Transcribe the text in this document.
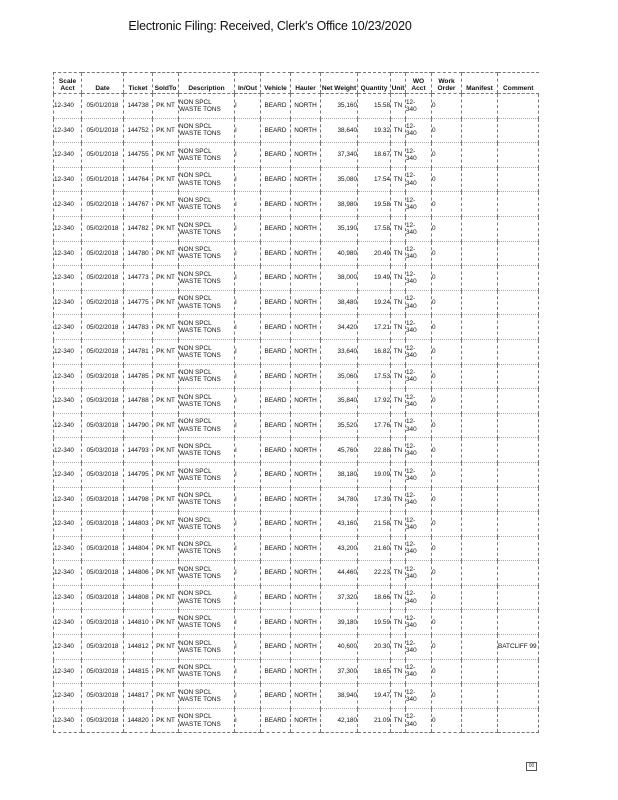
Electronic Filing: Received, Clerk's Office 10/23/2020
Scale Acct	Date	Ticket	SoldTo	Description	In/Out	Vehicle	Hauler	Net Weight	Quantity	Unit	WO Acct	Work Order	Manifest	Comment
12-340	05/01/2018	144738	PK NT	NON SPCL
WASTE TONS	I	BEARD	NORTH	35,160	15.58	TN	12-
340	0		
12-340	05/01/2018	144752	PK NT	NON SPCL
WASTE TONS	I	BEARD	NORTH	38,640	19.32	TN	12-
340	0		
12-340	05/01/2018	144755	PK NT	NON SPCL
WASTE TONS	I	BEARD	NORTH	37,340	18.67	TN	12-
340	0		
12-340	05/01/2018	144764	PK NT	NON SPCL
WASTE TONS	I	BEARD	NORTH	35,080	17.54	TN	12-
340	0		
12-340	05/02/2018	144767	PK NT	NON SPCL
WASTE TONS	I	BEARD	NORTH	38,980	19.58	TN	12-
340	0		
12-340	05/02/2018	144782	PK NT	NON SPCL
WASTE TONS	I	BEARD	NORTH	35,190	17.58	TN	12-
340	0		
12-340	05/02/2018	144780	PK NT	NON SPCL
WASTE TONS	I	BEARD	NORTH	40,980	20.49	TN	12-
340	0		
12-340	05/02/2018	144773	PK NT	NON SPCL
WASTE TONS	I	BEARD	NORTH	38,000	19.49	TN	12-
340	0		
12-340	05/02/2018	144775	PK NT	NON SPCL
WASTE TONS	I	BEARD	NORTH	38,480	19.24	TN	12-
340	0		
12-340	05/02/2018	144783	PK NT	NON SPCL
WASTE TONS	I	BEARD	NORTH	34,420	17.21	TN	12-
340	0		
12-340	05/02/2018	144781	PK NT	NON SPCL
WASTE TONS	I	BEARD	NORTH	33,640	16.82	TN	12-
340	0		
12-340	05/03/2018	144785	PK NT	NON SPCL
WASTE TONS	I	BEARD	NORTH	35,060	17.53	TN	12-
340	0		
12-340	05/03/2018	144788	PK NT	NON SPCL
WASTE TONS	I	BEARD	NORTH	35,840	17.92	TN	12-
340	0		
12-340	05/03/2018	144790	PK NT	NON SPCL
WASTE TONS	I	BEARD	NORTH	35,520	17.76	TN	12-
340	0		
12-340	05/03/2018	144793	PK NT	NON SPCL
WASTE TONS	I	BEARD	NORTH	45,760	22.88	TN	12-
340	0		
12-340	05/03/2018	144795	PK NT	NON SPCL
WASTE TONS	I	BEARD	NORTH	38,180	19.09	TN	12-
340	0		
12-340	05/03/2018	144798	PK NT	NON SPCL
WASTE TONS	I	BEARD	NORTH	34,780	17.39	TN	12-
340	0		
12-340	05/03/2018	144803	PK NT	NON SPCL
WASTE TONS	I	BEARD	NORTH	43,160	21.58	TN	12-
340	0		
12-340	05/03/2018	144804	PK NT	NON SPCL
WASTE TONS	I	BEARD	NORTH	43,200	21.60	TN	12-
340	0		
12-340	05/03/2018	144806	PK NT	NON SPCL
WASTE TONS	I	BEARD	NORTH	44,460	22.23	TN	12-
340	0		
12-340	05/03/2018	144808	PK NT	NON SPCL
WASTE TONS	I	BEARD	NORTH	37,320	18.66	TN	12-
340	0		
12-340	05/03/2018	144810	PK NT	NON SPCL
WASTE TONS	I	BEARD	NORTH	39,180	19.59	TN	12-
340	0		
12-340	05/03/2018	144812	PK NT	NON SPCL
WASTE TONS	I	BEARD	NORTH	40,600	20.30	TN	12-
340	0		BATCLIFF 99
12-340	05/03/2018	144815	PK NT	NON SPCL
WASTE TONS	I	BEARD	NORTH	37,300	18.65	TN	12-
340	0		
12-340	05/03/2018	144817	PK NT	NON SPCL
WASTE TONS	I	BEARD	NORTH	38,940	19.47	TN	12-
340	0		
12-340	05/03/2018	144820	PK NT	NON SPCL
WASTE TONS	I	BEARD	NORTH	42,180	21.09	TN	12-
340	0		
00
